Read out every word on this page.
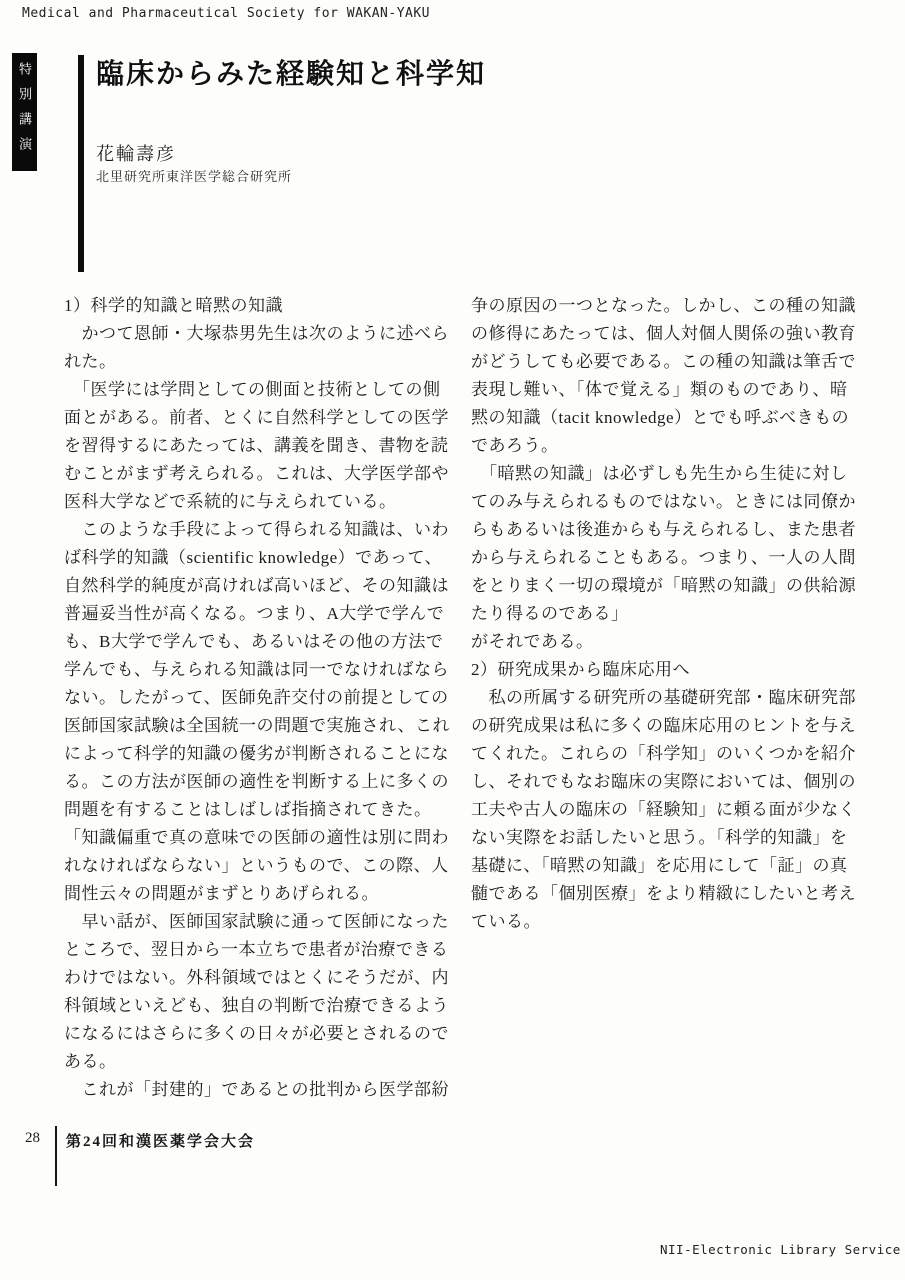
Medical and Pharmaceutical Society for WAKAN-YAKU
特別講演 臨床からみた経験知と科学知
花輪壽彦
北里研究所東洋医学総合研究所
1）科学的知識と暗黙の知識
　かつて恩師・大塚恭男先生は次のように述べら
れた。
　「医学には学問としての側面と技術としての側
面とがある。前者、とくに自然科学としての医学
を習得するにあたっては、講義を聞き、書物を読
むことがまず考えられる。これは、大学医学部や
医科大学などで系統的に与えられている。
　このような手段によって得られる知識は、いわ
ば科学的知識（scientific knowledge）であって、
自然科学的純度が高ければ高いほど、その知識は
普遍妥当性が高くなる。つまり、A大学で学んで
も、B大学で学んでも、あるいはその他の方法で
学んでも、与えられる知識は同一でなければなら
ない。したがって、医師免許交付の前提としての
医師国家試験は全国統一の問題で実施され、これ
によって科学的知識の優劣が判断されることにな
る。この方法が医師の適性を判断する上に多くの
問題を有することはしばしば指摘されてきた。
「知識偏重で真の意味での医師の適性は別に問わ
れなければならない」というもので、この際、人
間性云々の問題がまずとりあげられる。
　早い話が、医師国家試験に通って医師になった
ところで、翌日から一本立ちで患者が治療できる
わけではない。外科領域ではとくにそうだが、内
科領域といえども、独自の判断で治療できるよう
になるにはさらに多くの日々が必要とされるので
ある。
　これが「封建的」であるとの批判から医学部紛
争の原因の一つとなった。しかし、この種の知識
の修得にあたっては、個人対個人関係の強い教育
がどうしても必要である。この種の知識は筆舌で
表現し難い、「体で覚える」類のものであり、暗
黙の知識（tacit knowledge）とでも呼ぶべきもの
であろう。
　「暗黙の知識」は必ずしも先生から生徒に対し
てのみ与えられるものではない。ときには同僚か
らもあるいは後進からも与えられるし、また患者
から与えられることもある。つまり、一人の人間
をとりまく一切の環境が「暗黙の知識」の供給源
たり得るのである」
がそれである。
2）研究成果から臨床応用へ
　私の所属する研究所の基礎研究部・臨床研究部
の研究成果は私に多くの臨床応用のヒントを与え
てくれた。これらの「科学知」のいくつかを紹介
し、それでもなお臨床の実際においては、個別の
工夫や古人の臨床の「経験知」に頼る面が少なく
ない実際をお話したいと思う。「科学的知識」を
基礎に、「暗黙の知識」を応用にして「証」の真
髄である「個別医療」をより精緻にしたいと考え
ている。
28 第24回和漢医薬学会大会
NII-Electronic Library Service
